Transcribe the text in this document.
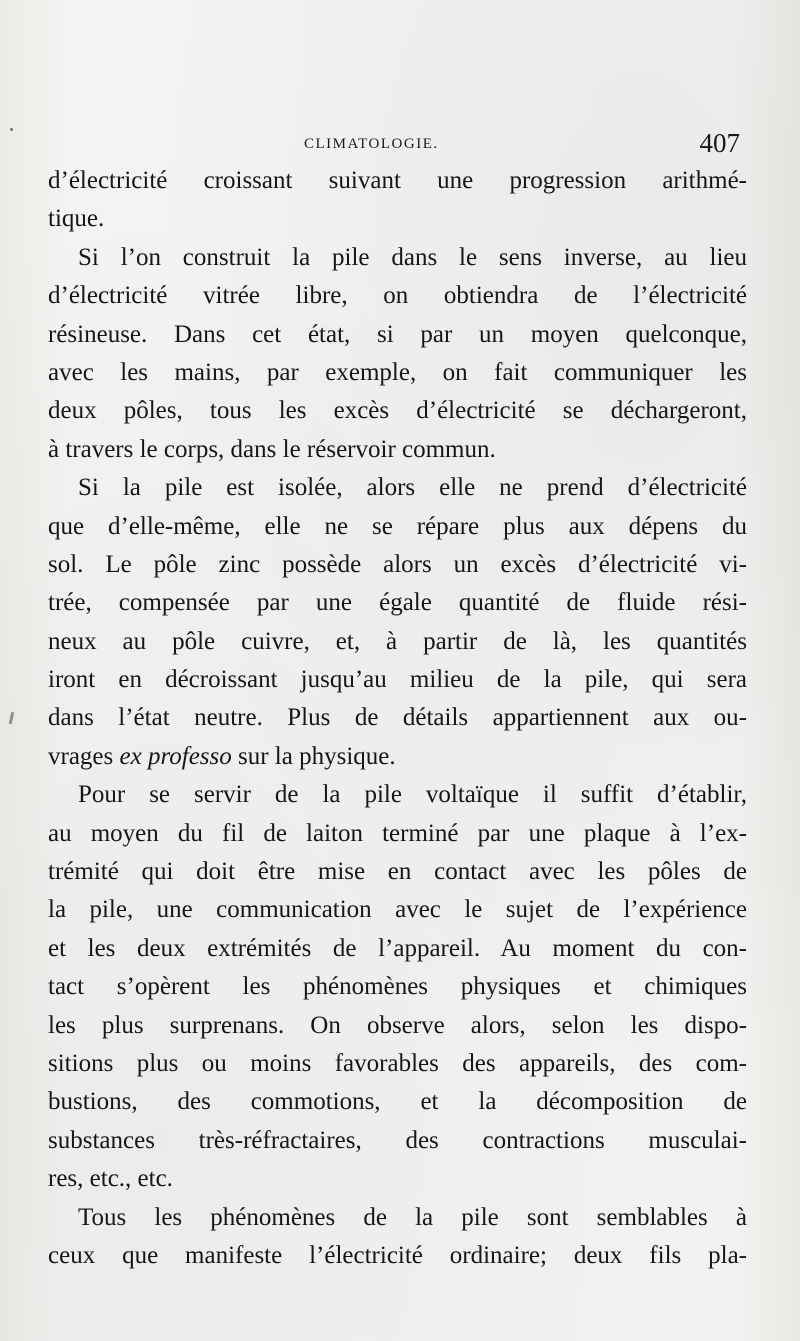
CLIMATOLOGIE.	407
d’électricité croissant suivant une progression arithmé-
tique.
Si l’on construit la pile dans le sens inverse, au lieu
d’électricité vitrée libre, on obtiendra de l’électricité
résineuse. Dans cet état, si par un moyen quelconque,
avec les mains, par exemple, on fait communiquer les
deux pôles, tous les excès d’électricité se déchargeront,
à travers le corps, dans le réservoir commun.
Si la pile est isolée, alors elle ne prend d’électricité
que d’elle-même, elle ne se répare plus aux dépens du
sol. Le pôle zinc possède alors un excès d’électricité vi-
trée, compensée par une égale quantité de fluide rési-
neux au pôle cuivre, et, à partir de là, les quantités
iront en décroissant jusqu’au milieu de la pile, qui sera
dans l’état neutre. Plus de détails appartiennent aux ou-
vrages ex professo sur la physique.
Pour se servir de la pile voltaïque il suffit d’établir,
au moyen du fil de laiton terminé par une plaque à l’ex-
trémité qui doit être mise en contact avec les pôles de
la pile, une communication avec le sujet de l’expérience
et les deux extrémités de l’appareil. Au moment du con-
tact s’opèrent les phénomènes physiques et chimiques
les plus surprenans. On observe alors, selon les dispo-
sitions plus ou moins favorables des appareils, des com-
bustions, des commotions, et la décomposition de
substances très-réfractaires, des contractions musculai-
res, etc., etc.
Tous les phénomènes de la pile sont semblables à
ceux que manifeste l’électricité ordinaire; deux fils pla-
